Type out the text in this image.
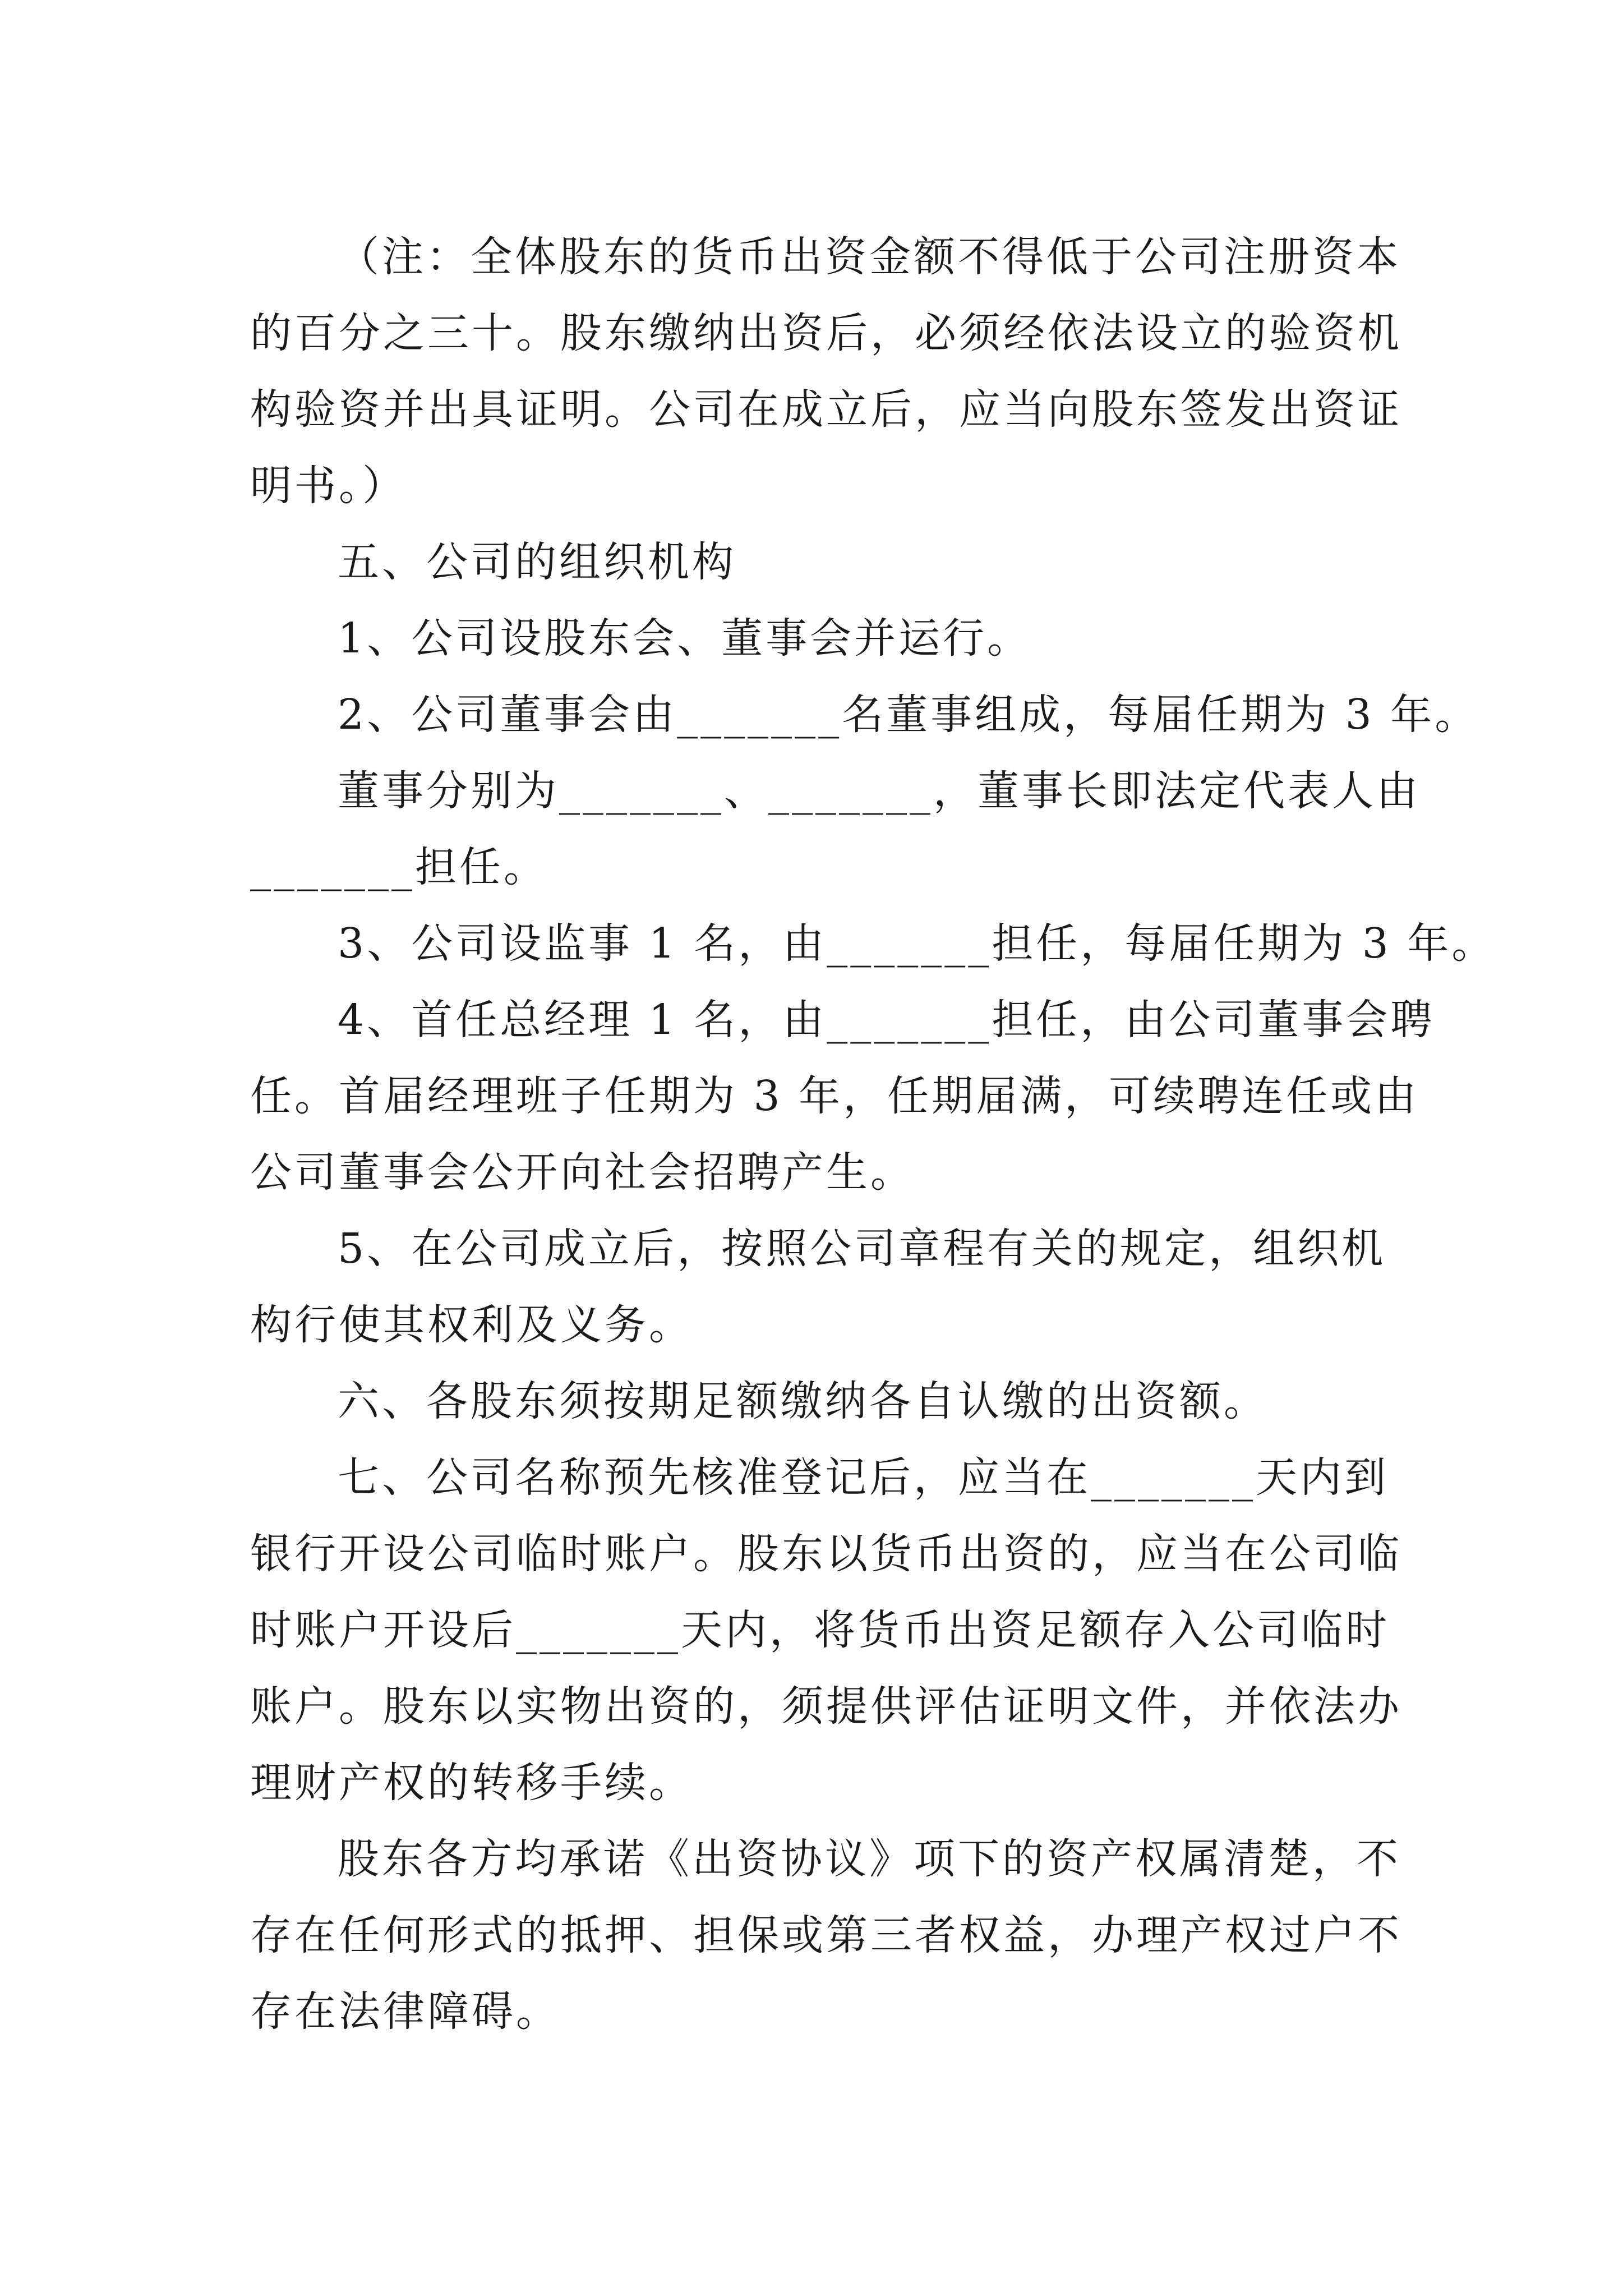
（注：全体股东的货币出资金额不得低于公司注册资本
的百分之三十。股东缴纳出资后，必须经依法设立的验资机
构验资并出具证明。公司在成立后，应当向股东签发出资证
明书。）
五、公司的组织机构
1、公司设股东会、董事会并运行。
2、公司董事会由_______名董事组成，每届任期为 3 年。
董事分别为_______、_______，董事长即法定代表人由
_______担任。
3、公司设监事 1 名，由_______担任，每届任期为 3 年。
4、首任总经理 1 名，由_______担任，由公司董事会聘
任。首届经理班子任期为 3 年，任期届满，可续聘连任或由
公司董事会公开向社会招聘产生。
5、在公司成立后，按照公司章程有关的规定，组织机
构行使其权利及义务。
六、各股东须按期足额缴纳各自认缴的出资额。
七、公司名称预先核准登记后，应当在_______天内到
银行开设公司临时账户。股东以货币出资的，应当在公司临
时账户开设后_______天内，将货币出资足额存入公司临时
账户。股东以实物出资的，须提供评估证明文件，并依法办
理财产权的转移手续。
股东各方均承诺《出资协议》项下的资产权属清楚，不
存在任何形式的抵押、担保或第三者权益，办理产权过户不
存在法律障碍。
